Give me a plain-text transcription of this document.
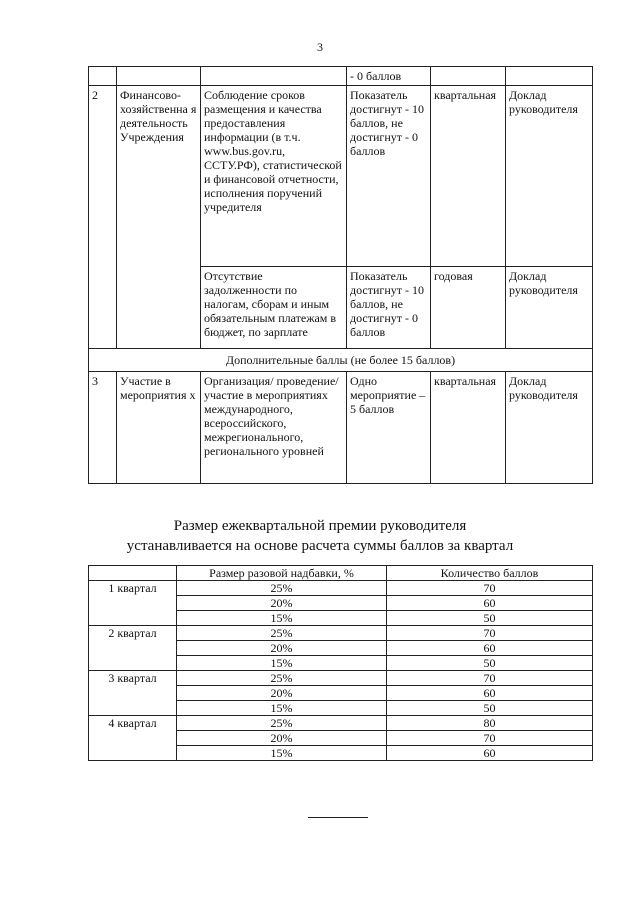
3
			- 0 баллов		
2	Финансово-хозяйственна я деятельность Учреждения	Соблюдение сроков размещения и качества предоставления информации (в т.ч. www.bus.gov.ru, ССТУ.РФ), статистической и финансовой отчетности, исполнения поручений учредителя	Показатель достигнут - 10 баллов, не достигнут - 0 баллов	квартальная	Доклад руководителя
		Отсутствие задолженности по налогам, сборам и иным обязательным платежам в бюджет, по зарплате	Показатель достигнут - 10 баллов, не достигнут - 0 баллов	годовая	Доклад руководителя
Дополнительные баллы (не более 15 баллов)					
3	Участие в мероприятия х	Организация/ проведение/участие в мероприятиях международного, всероссийского, межрегионального, регионального уровней	Одно мероприятие – 5 баллов	квартальная	Доклад руководителя
Размер ежеквартальной премии руководителя
устанавливается на основе расчета суммы баллов за квартал
	Размер разовой надбавки, %	Количество баллов
1 квартал	25%	70
	20%	60
	15%	50
2 квартал	25%	70
	20%	60
	15%	50
3 квартал	25%	70
	20%	60
	15%	50
4 квартал	25%	80
	20%	70
	15%	60
